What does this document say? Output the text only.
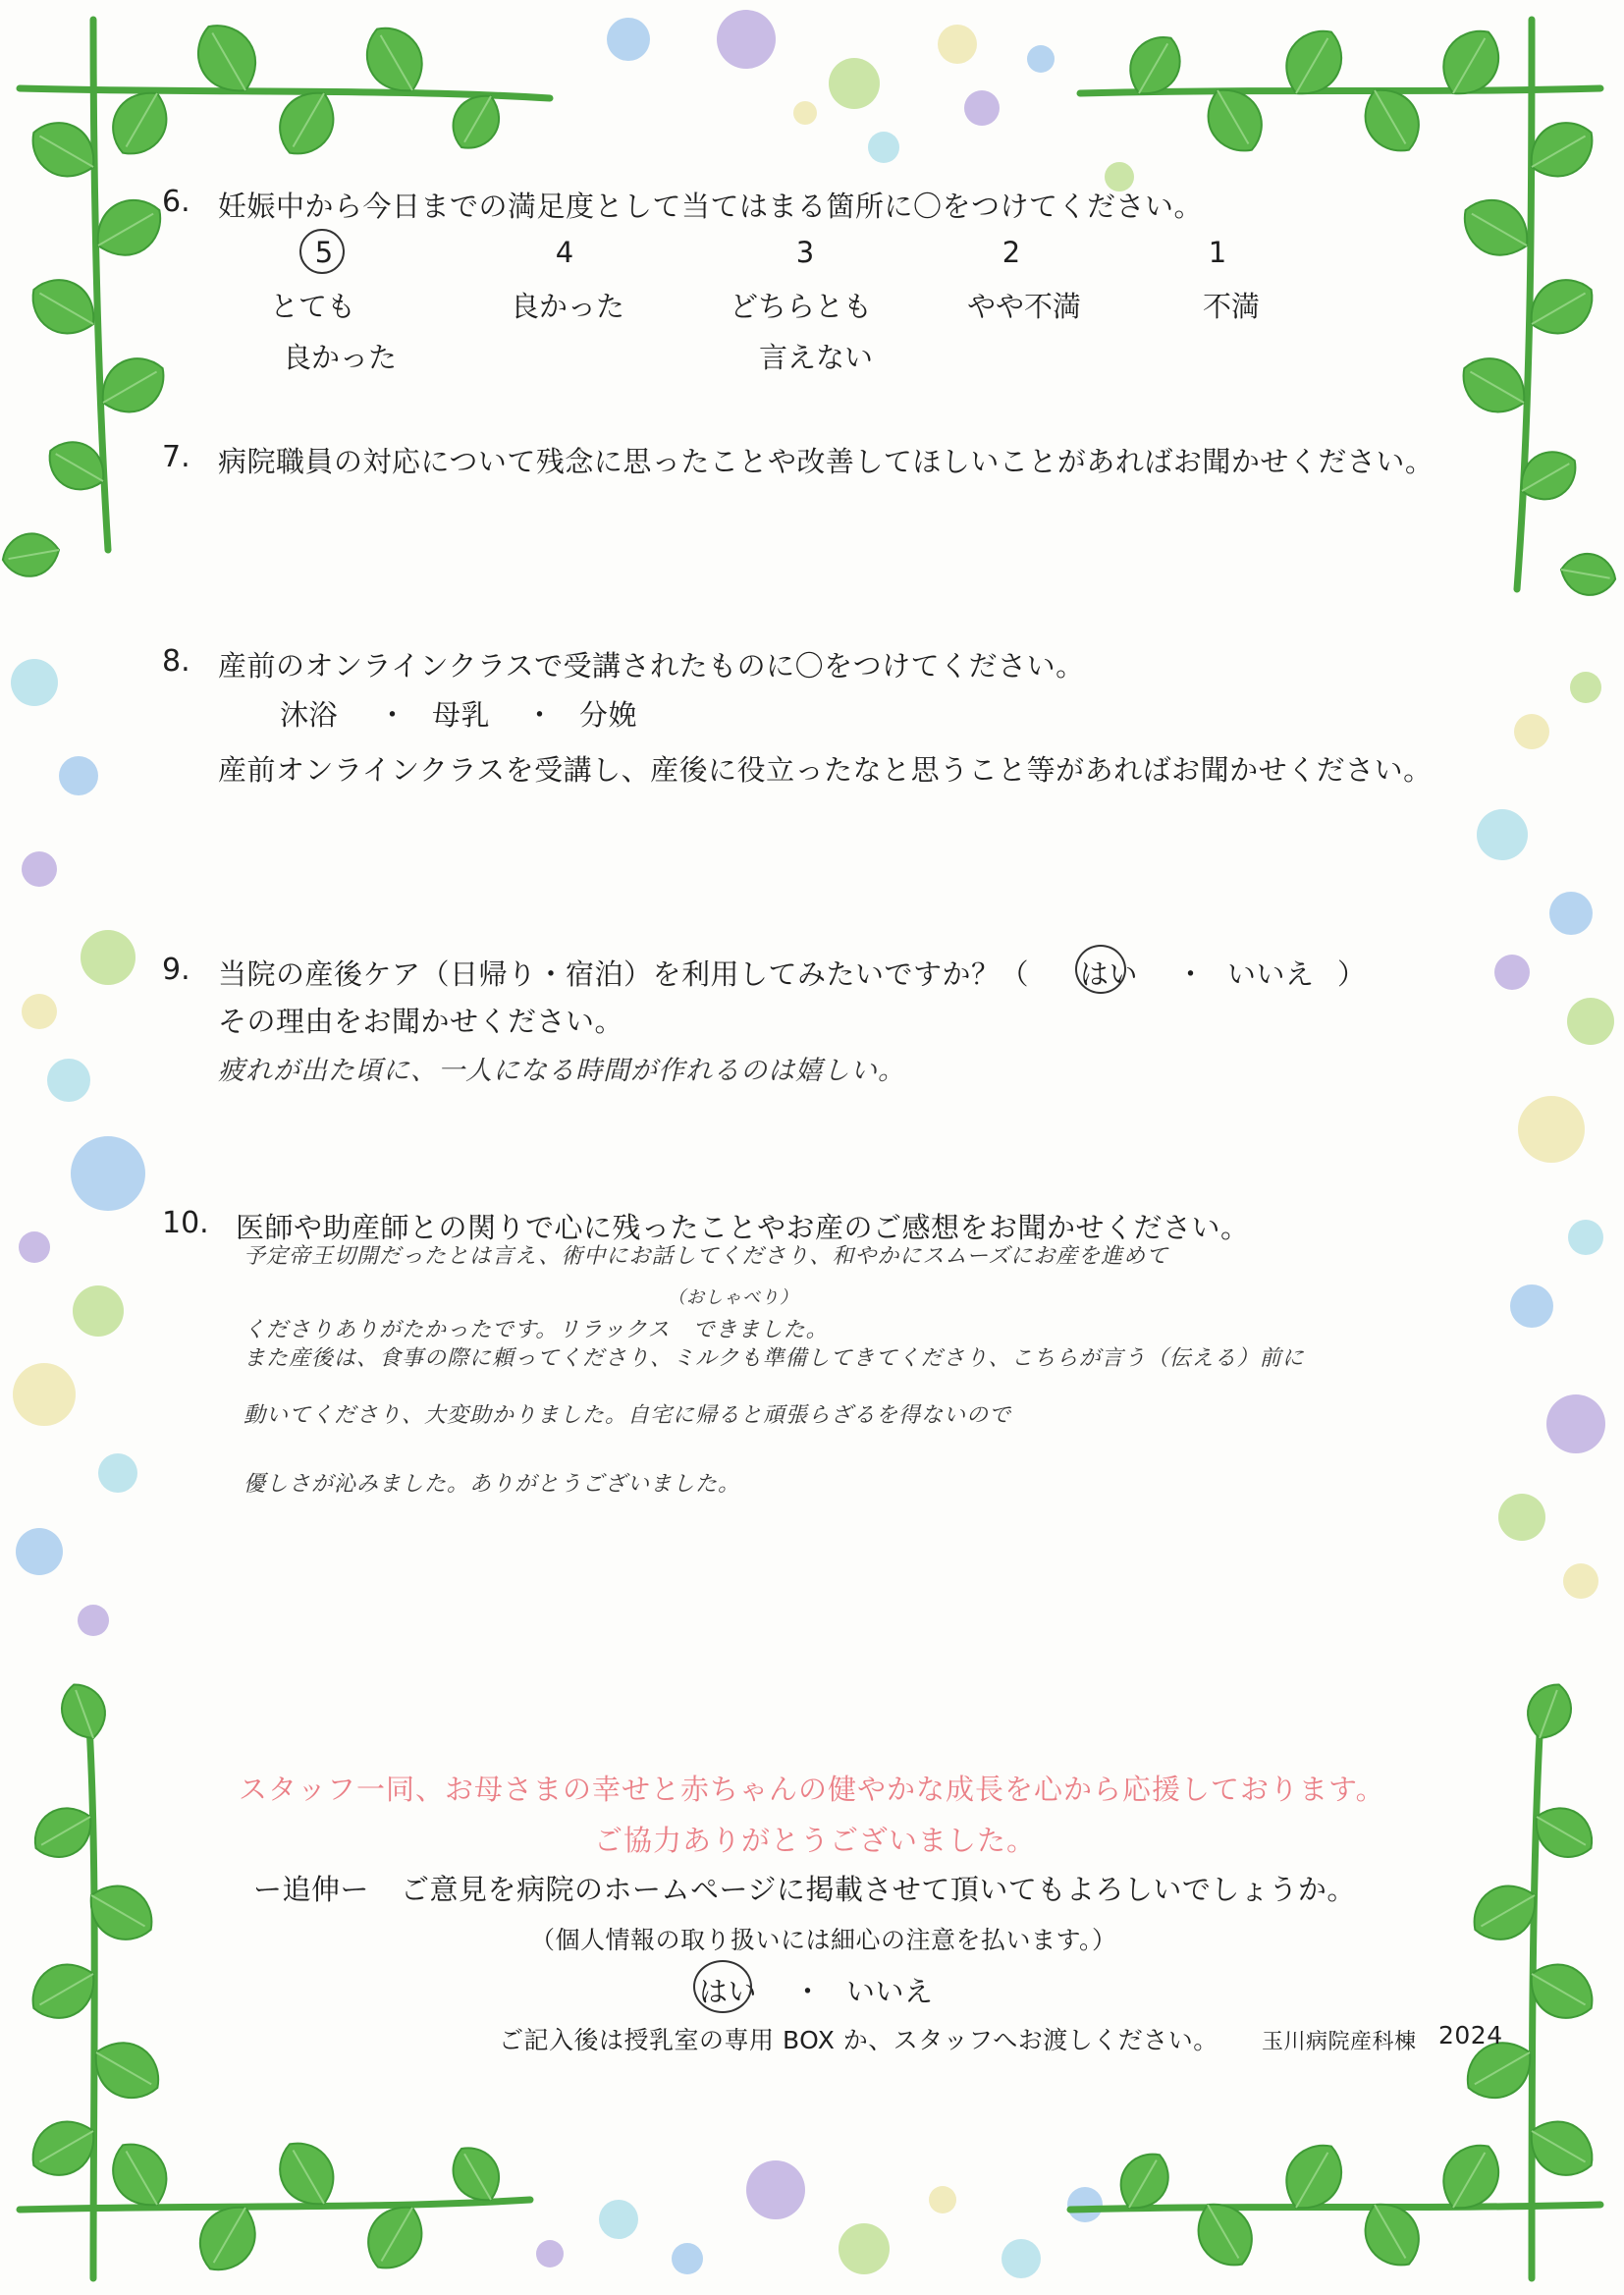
6. 妊娠中から今日までの満足度として当てはまる箇所に〇をつけてください。
5
とても
良かった
4
良かった
3
どちらとも
言えない
2
やや不満
1
不満
7. 病院職員の対応について残念に思ったことや改善してほしいことがあればお聞かせください。
8. 産前のオンラインクラスで受講されたものに〇をつけてください。
沐浴 ・ 母乳 ・ 分娩
産前オンラインクラスを受講し、産後に役立ったなと思うこと等があればお聞かせください。
9. 当院の産後ケア（日帰り・宿泊）を利用してみたいですか？（ はい ・ いいえ ）
その理由をお聞かせください。
疲れが出た頃に、一人になる時間が作れるのは嬉しい。
10. 医師や助産師との関りで心に残ったことやお産のご感想をお聞かせください。
予定帝王切開だったとは言え、術中にお話してくださり、和やかにスムーズにお産を進めて
（おしゃべり）
くださりありがたかったです。リラックス　できました。
また産後は、食事の際に頼ってくださり、ミルクも準備してきてくださり、こちらが言う（伝える）前に
動いてくださり、大変助かりました。自宅に帰ると頑張らざるを得ないので
優しさが沁みました。ありがとうございました。
スタッフ一同、お母さまの幸せと赤ちゃんの健やかな成長を心から応援しております。
ご協力ありがとうございました。
ー追伸ー ご意見を病院のホームページに掲載させて頂いてもよろしいでしょうか。
（個人情報の取り扱いには細心の注意を払います。）
はい ・ いいえ
ご記入後は授乳室の専用 BOX か、スタッフへお渡しください。 玉川病院産科棟 2024
